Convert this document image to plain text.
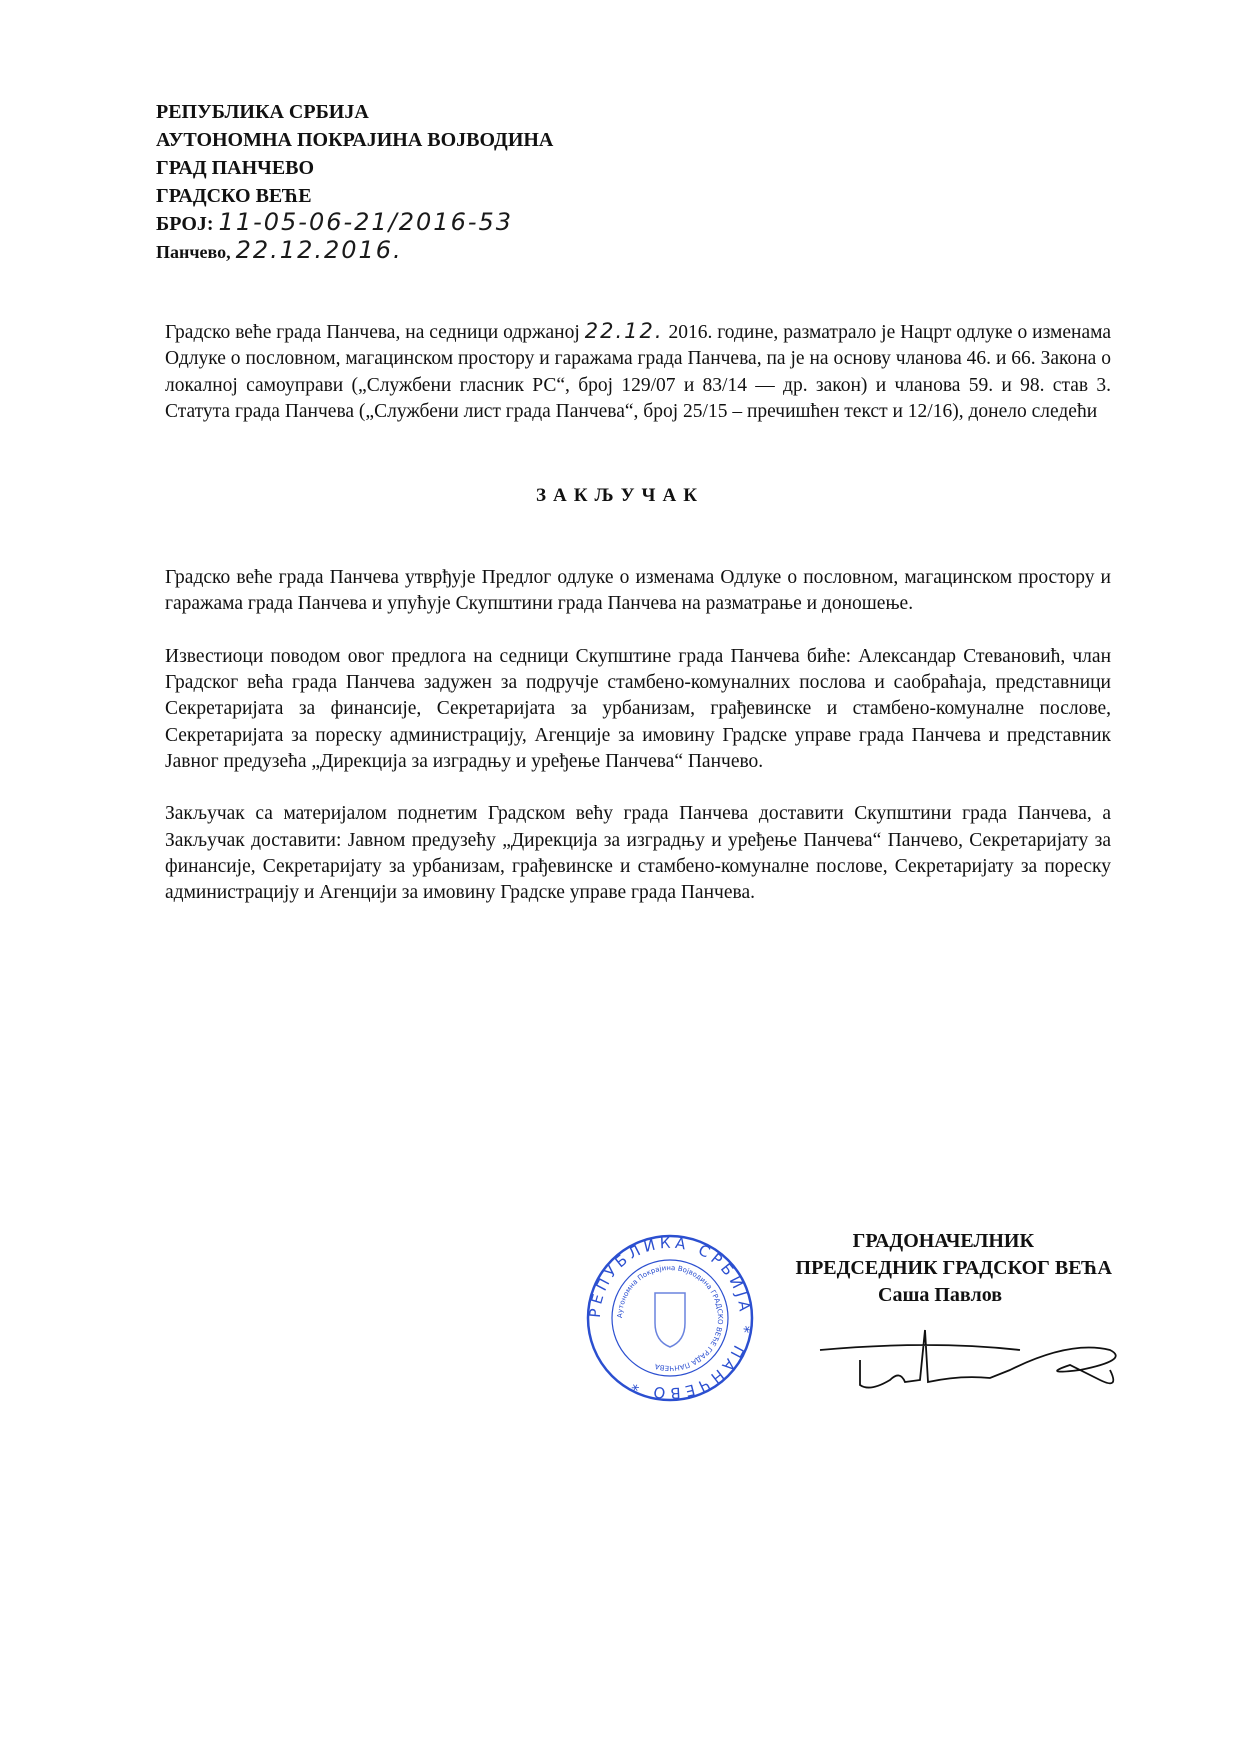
РЕПУБЛИКА СРБИЈА
АУТОНОМНА ПОКРАЈИНА ВОЈВОДИНА
ГРАД ПАНЧЕВО
ГРАДСКО ВЕЋЕ
БРОЈ: 11-05-06-21/2016-53
Панчево, 22.12.2016.
Градско веће града Панчева, на седници одржаној 22.12. 2016. године, разматрало је Нацрт одлуке о изменама Одлуке о пословном, магацинском простору и гаражама града Панчева, па је на основу чланова 46. и 66. Закона о локалној самоуправи („Службени гласник РС“, број 129/07 и 83/14 — др. закон) и чланова 59. и 98. став 3. Статута града Панчева („Службени лист града Панчева“, број 25/15 – пречишћен текст и 12/16), донело следећи
ЗАКЉУЧАК
Градско веће града Панчева утврђује Предлог одлуке о изменама Одлуке о пословном, магацинском простору и гаражама града Панчева и упућује Скупштини града Панчева на разматрање и доношење.
Известиоци поводом овог предлога на седници Скупштине града Панчева биће: Александар Стевановић, члан Градског већа града Панчева задужен за подручје стамбено-комуналних послова и саобраћаја, представници Секретаријата за финансије, Секретаријата за урбанизам, грађевинске и стамбено-комуналне послове, Секретаријата за пореску администрацију, Агенције за имовину Градске управе града Панчева и представник Јавног предузећа „Дирекција за изградњу и уређење Панчева“ Панчево.
Закључак са материјалом поднетим Градском већу града Панчева доставити Скупштини града Панчева, а Закључак доставити: Јавном предузећу „Дирекција за изградњу и уређење Панчева“ Панчево, Секретаријату за финансије, Секретаријату за урбанизам, грађевинске и стамбено-комуналне послове, Секретаријату за пореску администрацију и Агенцији за имовину Градске управе града Панчева.
РЕПУБЛИКА СРБИЈА * ПАНЧЕВО *
Аутономна Покрајина Војводина ГРАДСКО ВЕЋЕ ГРАДА ПАНЧЕВА
ГРАДОНАЧЕЛНИК
ПРЕДСЕДНИК ГРАДСКОГ ВЕЋА
Саша Павлов
